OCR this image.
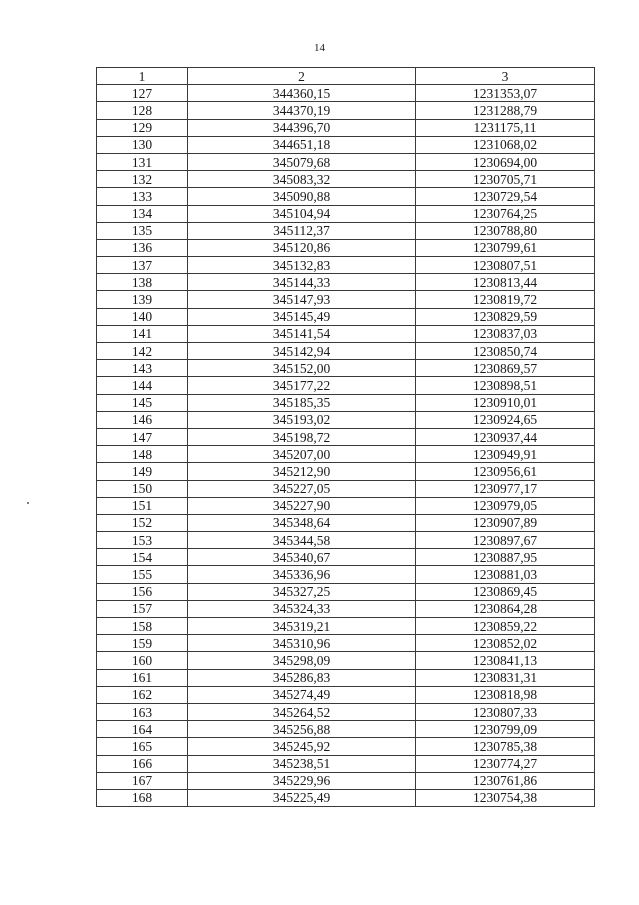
14
1	2	3
127	344360,15	1231353,07
128	344370,19	1231288,79
129	344396,70	1231175,11
130	344651,18	1231068,02
131	345079,68	1230694,00
132	345083,32	1230705,71
133	345090,88	1230729,54
134	345104,94	1230764,25
135	345112,37	1230788,80
136	345120,86	1230799,61
137	345132,83	1230807,51
138	345144,33	1230813,44
139	345147,93	1230819,72
140	345145,49	1230829,59
141	345141,54	1230837,03
142	345142,94	1230850,74
143	345152,00	1230869,57
144	345177,22	1230898,51
145	345185,35	1230910,01
146	345193,02	1230924,65
147	345198,72	1230937,44
148	345207,00	1230949,91
149	345212,90	1230956,61
150	345227,05	1230977,17
151	345227,90	1230979,05
152	345348,64	1230907,89
153	345344,58	1230897,67
154	345340,67	1230887,95
155	345336,96	1230881,03
156	345327,25	1230869,45
157	345324,33	1230864,28
158	345319,21	1230859,22
159	345310,96	1230852,02
160	345298,09	1230841,13
161	345286,83	1230831,31
162	345274,49	1230818,98
163	345264,52	1230807,33
164	345256,88	1230799,09
165	345245,92	1230785,38
166	345238,51	1230774,27
167	345229,96	1230761,86
168	345225,49	1230754,38
